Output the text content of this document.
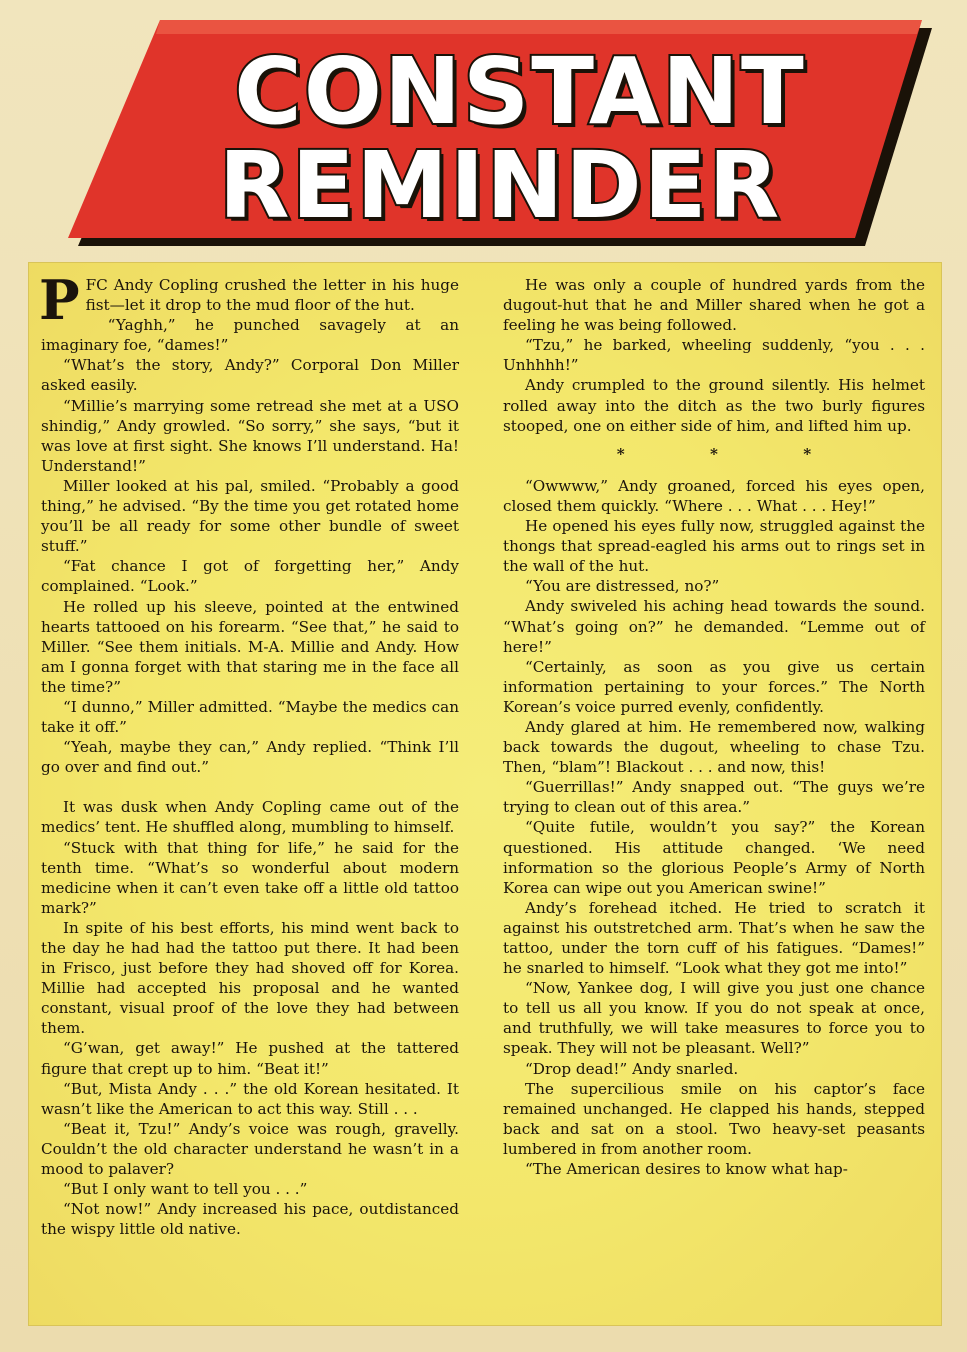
CONSTANT
REMINDER

PFC Andy Copling crushed the letter in his huge fist—let it drop to the mud floor of the hut.

“Yaghh,” he punched savagely at an imaginary foe, “dames!”

“What’s the story, Andy?” Corporal Don Miller asked easily.

“Millie’s marrying some retread she met at a USO shindig,” Andy growled. “So sorry,” she says, “but it was love at first sight. She knows I’ll understand. Ha! Understand!”

Miller looked at his pal, smiled. “Probably a good thing,” he advised. “By the time you get rotated home you’ll be all ready for some other bundle of sweet stuff.”

“Fat chance I got of forgetting her,” Andy complained. “Look.”

He rolled up his sleeve, pointed at the entwined hearts tattooed on his forearm. “See that,” he said to Miller. “See them initials. M-A. Millie and Andy. How am I gonna forget with that staring me in the face all the time?”

“I dunno,” Miller admitted. “Maybe the medics can take it off.”

“Yeah, maybe they can,” Andy replied. “Think I’ll go over and find out.”

It was dusk when Andy Copling came out of the medics’ tent. He shuffled along, mumbling to himself.

“Stuck with that thing for life,” he said for the tenth time. “What’s so wonderful about modern medicine when it can’t even take off a little old tattoo mark?”

In spite of his best efforts, his mind went back to the day he had had the tattoo put there. It had been in Frisco, just before they had shoved off for Korea. Millie had accepted his proposal and he wanted constant, visual proof of the love they had between them.

“G’wan, get away!” He pushed at the tattered figure that crept up to him. “Beat it!”

“But, Mista Andy . . .” the old Korean hesitated. It wasn’t like the American to act this way. Still . . .

“Beat it, Tzu!” Andy’s voice was rough, gravelly. Couldn’t the old character understand he wasn’t in a mood to palaver?

“But I only want to tell you . . .”

“Not now!” Andy increased his pace, outdistanced the wispy little old native.

He was only a couple of hundred yards from the dugout-hut that he and Miller shared when he got a feeling he was being followed.

“Tzu,” he barked, wheeling suddenly, “you . . . Unhhhh!”

Andy crumpled to the ground silently. His helmet rolled away into the ditch as the two burly figures stooped, one on either side of him, and lifted him up.

* * *

“Owwww,” Andy groaned, forced his eyes open, closed them quickly. “Where . . . What . . . Hey!”

He opened his eyes fully now, struggled against the thongs that spread-eagled his arms out to rings set in the wall of the hut.

“You are distressed, no?”

Andy swiveled his aching head towards the sound. “What’s going on?” he demanded. “Lemme out of here!”

“Certainly, as soon as you give us certain information pertaining to your forces.” The North Korean’s voice purred evenly, confidently.

Andy glared at him. He remembered now, walking back towards the dugout, wheeling to chase Tzu. Then, “blam”! Blackout . . . and now, this!

“Guerrillas!” Andy snapped out. “The guys we’re trying to clean out of this area.”

“Quite futile, wouldn’t you say?” the Korean questioned. His attitude changed. ‘We need information so the glorious People’s Army of North Korea can wipe out you American swine!”

Andy’s forehead itched. He tried to scratch it against his outstretched arm. That’s when he saw the tattoo, under the torn cuff of his fatigues. “Dames!” he snarled to himself. “Look what they got me into!”

“Now, Yankee dog, I will give you just one chance to tell us all you know. If you do not speak at once, and truthfully, we will take measures to force you to speak. They will not be pleasant. Well?”

“Drop dead!” Andy snarled.

The supercilious smile on his captor’s face remained unchanged. He clapped his hands, stepped back and sat on a stool. Two heavy-set peasants lumbered in from another room.

“The American desires to know what hap-
